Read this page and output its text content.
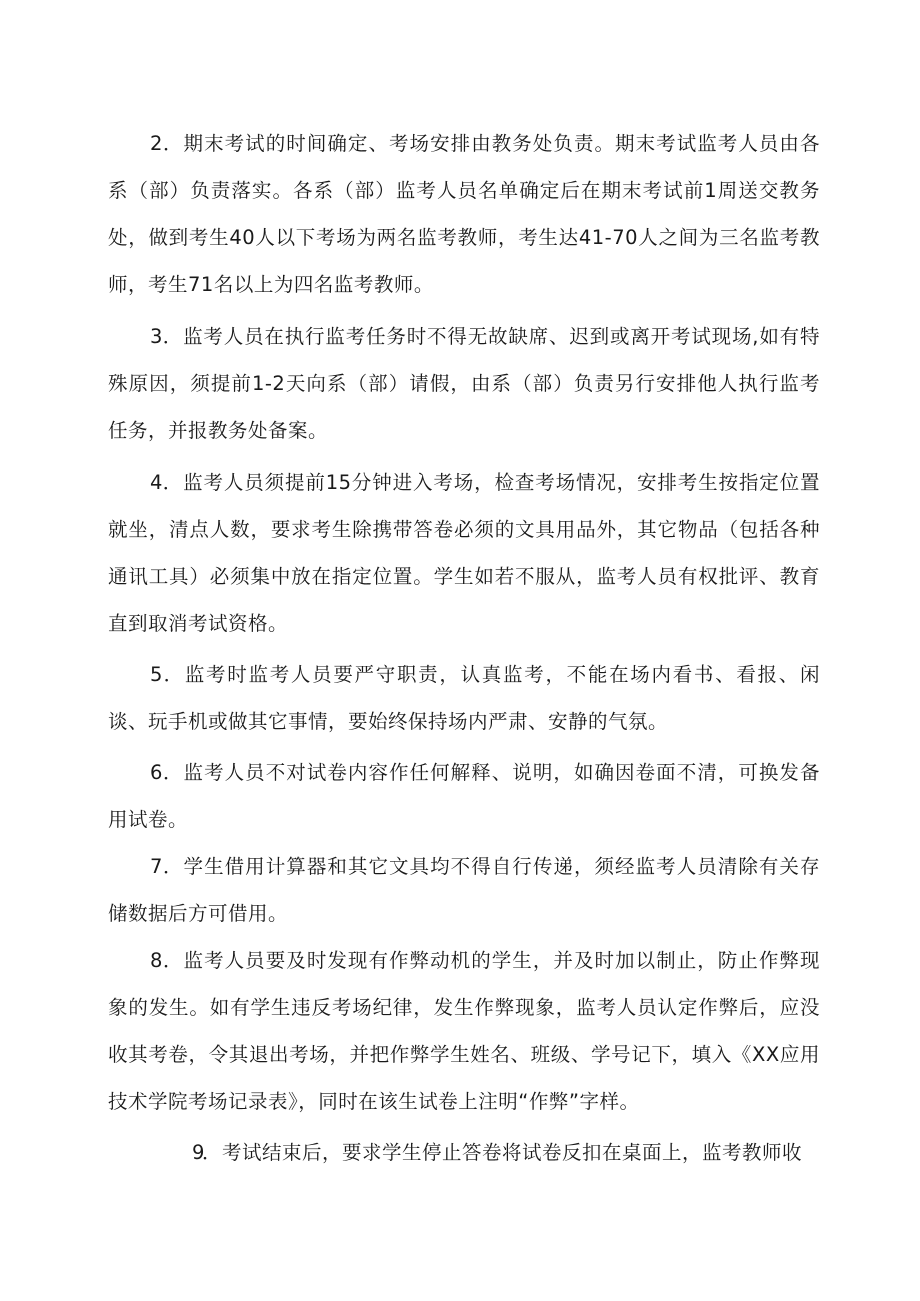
2．期末考试的时间确定、考场安排由教务处负责。期末考试监考人员由各系（部）负责落实。各系（部）监考人员名单确定后在期末考试前1周送交教务处，做到考生40人以下考场为两名监考教师，考生达41-70人之间为三名监考教师，考生71名以上为四名监考教师。

3．监考人员在执行监考任务时不得无故缺席、迟到或离开考试现场,如有特殊原因，须提前1-2天向系（部）请假，由系（部）负责另行安排他人执行监考任务，并报教务处备案。

4．监考人员须提前15分钟进入考场，检查考场情况，安排考生按指定位置就坐，清点人数，要求考生除携带答卷必须的文具用品外，其它物品（包括各种通讯工具）必须集中放在指定位置。学生如若不服从，监考人员有权批评、教育直到取消考试资格。

5．监考时监考人员要严守职责，认真监考，不能在场内看书、看报、闲谈、玩手机或做其它事情，要始终保持场内严肃、安静的气氛。

6．监考人员不对试卷内容作任何解释、说明，如确因卷面不清，可换发备用试卷。

7．学生借用计算器和其它文具均不得自行传递，须经监考人员清除有关存储数据后方可借用。

8．监考人员要及时发现有作弊动机的学生，并及时加以制止，防止作弊现象的发生。如有学生违反考场纪律，发生作弊现象，监考人员认定作弊后，应没收其考卷，令其退出考场，并把作弊学生姓名、班级、学号记下，填入《XX应用技术学院考场记录表》，同时在该生试卷上注明“作弊”字样。

9．考试结束后，要求学生停止答卷将试卷反扣在桌面上，监考教师收
